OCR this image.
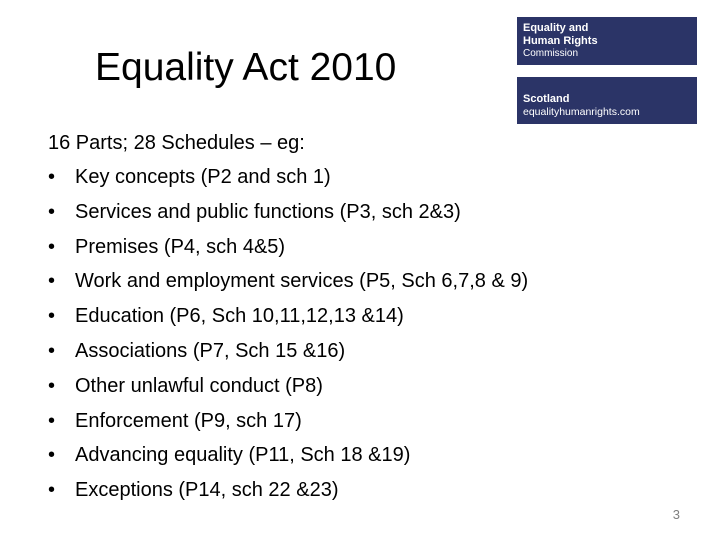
Equality Act 2010
Equality and
Human Rights
Commission
Scotland
equalityhumanrights.com
16 Parts; 28 Schedules – eg:
• Key concepts (P2 and sch 1)
• Services and public functions (P3, sch 2&3)
• Premises (P4, sch 4&5)
• Work and employment services (P5, Sch 6,7,8 & 9)
• Education (P6, Sch 10,11,12,13 &14)
• Associations (P7, Sch 15 &16)
• Other unlawful conduct (P8)
• Enforcement (P9, sch 17)
• Advancing equality (P11, Sch 18 &19)
• Exceptions (P14, sch 22 &23)
3
